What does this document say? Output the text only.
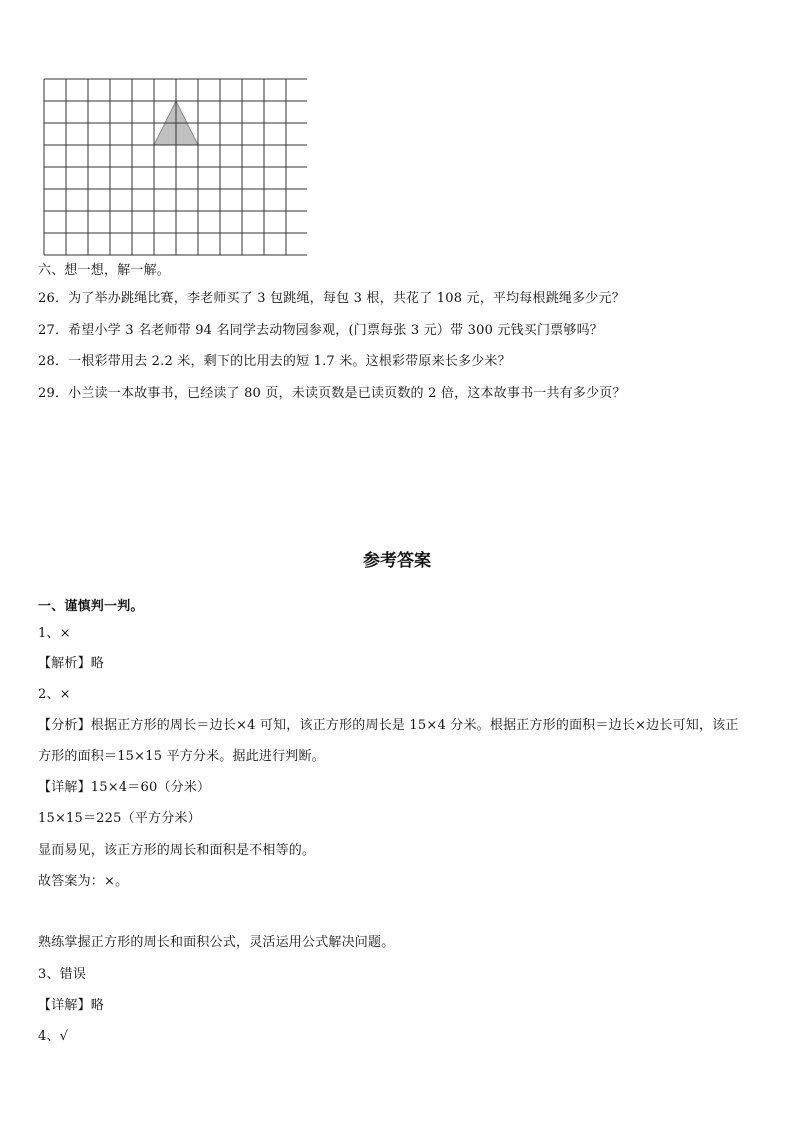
六、想一想，解一解。
26．为了举办跳绳比赛，李老师买了 3 包跳绳，每包 3 根，共花了 108 元，平均每根跳绳多少元？
27．希望小学 3 名老师带 94 名同学去动物园参观，(门票每张 3 元）带 300 元钱买门票够吗？
28．一根彩带用去 2.2 米，剩下的比用去的短 1.7 米。这根彩带原来长多少米？
29．小兰读一本故事书，已经读了 80 页，未读页数是已读页数的 2 倍，这本故事书一共有多少页？
参考答案
一、谨慎判一判。
1、×
【解析】略
2、×
【分析】根据正方形的周长＝边长×4 可知，该正方形的周长是 15×4 分米。根据正方形的面积＝边长×边长可知，该正
方形的面积＝15×15 平方分米。据此进行判断。
【详解】15×4＝60（分米）
15×15＝225（平方分米）
显而易见，该正方形的周长和面积是不相等的。
故答案为：×。
熟练掌握正方形的周长和面积公式，灵活运用公式解决问题。
3、错误
【详解】略
4、√
